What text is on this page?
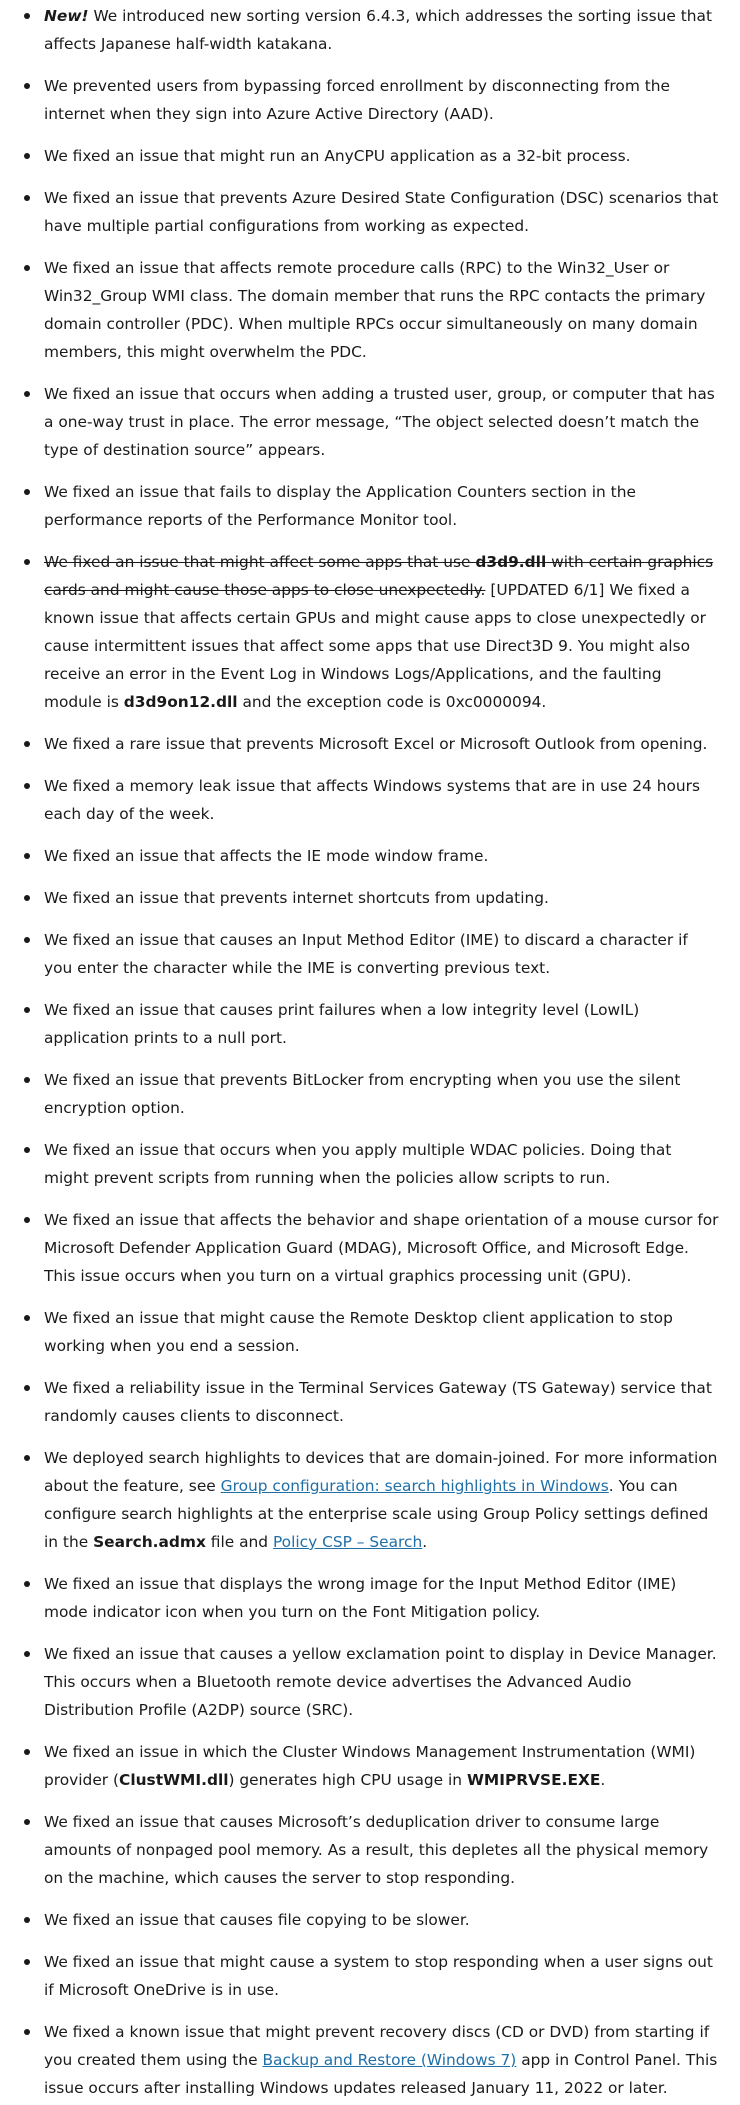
New! We introduced new sorting version 6.4.3, which addresses the sorting issue that affects Japanese half-width katakana.
We prevented users from bypassing forced enrollment by disconnecting from the internet when they sign into Azure Active Directory (AAD).
We fixed an issue that might run an AnyCPU application as a 32-bit process.
We fixed an issue that prevents Azure Desired State Configuration (DSC) scenarios that have multiple partial configurations from working as expected.
We fixed an issue that affects remote procedure calls (RPC) to the Win32_User or Win32_Group WMI class. The domain member that runs the RPC contacts the primary domain controller (PDC). When multiple RPCs occur simultaneously on many domain members, this might overwhelm the PDC.
We fixed an issue that occurs when adding a trusted user, group, or computer that has a one-way trust in place. The error message, “The object selected doesn’t match the type of destination source” appears.
We fixed an issue that fails to display the Application Counters section in the performance reports of the Performance Monitor tool.
We fixed an issue that might affect some apps that use d3d9.dll with certain graphics cards and might cause those apps to close unexpectedly. [UPDATED 6/1] We fixed a known issue that affects certain GPUs and might cause apps to close unexpectedly or cause intermittent issues that affect some apps that use Direct3D 9. You might also receive an error in the Event Log in Windows Logs/Applications, and the faulting module is d3d9on12.dll and the exception code is 0xc0000094.
We fixed a rare issue that prevents Microsoft Excel or Microsoft Outlook from opening.
We fixed a memory leak issue that affects Windows systems that are in use 24 hours each day of the week.
We fixed an issue that affects the IE mode window frame.
We fixed an issue that prevents internet shortcuts from updating.
We fixed an issue that causes an Input Method Editor (IME) to discard a character if you enter the character while the IME is converting previous text.
We fixed an issue that causes print failures when a low integrity level (LowIL) application prints to a null port.
We fixed an issue that prevents BitLocker from encrypting when you use the silent encryption option.
We fixed an issue that occurs when you apply multiple WDAC policies. Doing that might prevent scripts from running when the policies allow scripts to run.
We fixed an issue that affects the behavior and shape orientation of a mouse cursor for Microsoft Defender Application Guard (MDAG), Microsoft Office, and Microsoft Edge. This issue occurs when you turn on a virtual graphics processing unit (GPU).
We fixed an issue that might cause the Remote Desktop client application to stop working when you end a session.
We fixed a reliability issue in the Terminal Services Gateway (TS Gateway) service that randomly causes clients to disconnect.
We deployed search highlights to devices that are domain-joined. For more information about the feature, see Group configuration: search highlights in Windows. You can configure search highlights at the enterprise scale using Group Policy settings defined in the Search.admx file and Policy CSP – Search.
We fixed an issue that displays the wrong image for the Input Method Editor (IME) mode indicator icon when you turn on the Font Mitigation policy.
We fixed an issue that causes a yellow exclamation point to display in Device Manager. This occurs when a Bluetooth remote device advertises the Advanced Audio Distribution Profile (A2DP) source (SRC).
We fixed an issue in which the Cluster Windows Management Instrumentation (WMI) provider (ClustWMI.dll) generates high CPU usage in WMIPRVSE.EXE.
We fixed an issue that causes Microsoft’s deduplication driver to consume large amounts of nonpaged pool memory. As a result, this depletes all the physical memory on the machine, which causes the server to stop responding.
We fixed an issue that causes file copying to be slower.
We fixed an issue that might cause a system to stop responding when a user signs out if Microsoft OneDrive is in use.
We fixed a known issue that might prevent recovery discs (CD or DVD) from starting if you created them using the Backup and Restore (Windows 7) app in Control Panel. This issue occurs after installing Windows updates released January 11, 2022 or later.
